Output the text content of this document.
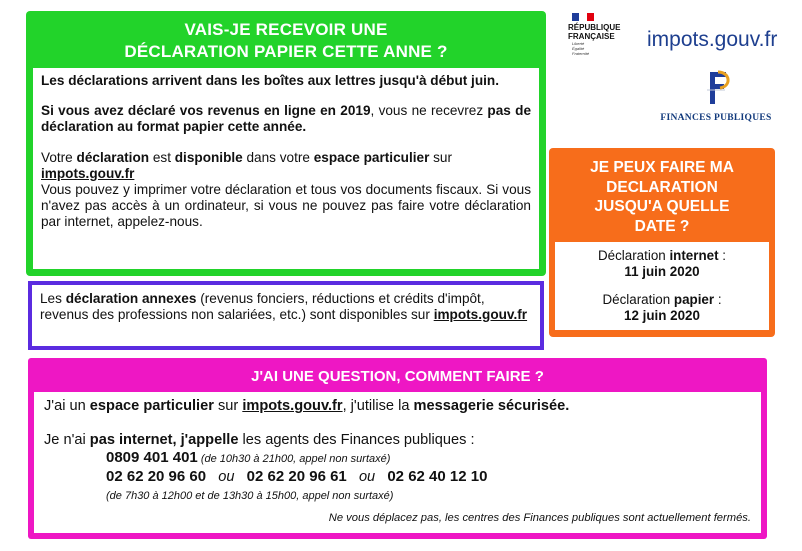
RÉPUBLIQUE
FRANÇAISE
Liberté
Égalité
Fraternité
impots.gouv.fr
FINANCES PUBLIQUES
VAIS-JE RECEVOIR UNE
DÉCLARATION PAPIER CETTE ANNE ?

Les déclarations arrivent dans les boîtes aux lettres jusqu'à début juin.

Si vous avez déclaré vos revenus en ligne en 2019, vous ne recevrez pas de déclaration au format papier cette année.

Votre déclaration est disponible dans votre espace particulier sur
impots.gouv.fr
Vous pouvez y imprimer votre déclaration et tous vos documents fiscaux. Si vous n'avez pas accès à un ordinateur, si vous ne pouvez pas faire votre déclaration par internet, appelez-nous.

Les déclaration annexes (revenus fonciers, réductions et crédits d'impôt, revenus des professions non salariées, etc.) sont disponibles sur impots.gouv.fr
JE PEUX FAIRE MA
DECLARATION
JUSQU'A QUELLE
DATE ?
Déclaration internet :
11 juin 2020
Déclaration papier :
12 juin 2020
J'AI UNE QUESTION, COMMENT FAIRE ?
J'ai un espace particulier sur impots.gouv.fr, j'utilise la messagerie sécurisée.
Je n'ai pas internet, j'appelle les agents des Finances publiques :
0809 401 401 (de 10h30 à 21h00, appel non surtaxé)
02 62 20 96 60 ou 02 62 20 96 61 ou 02 62 40 12 10
(de 7h30 à 12h00 et de 13h30 à 15h00, appel non surtaxé)
Ne vous déplacez pas, les centres des Finances publiques sont actuellement fermés.
